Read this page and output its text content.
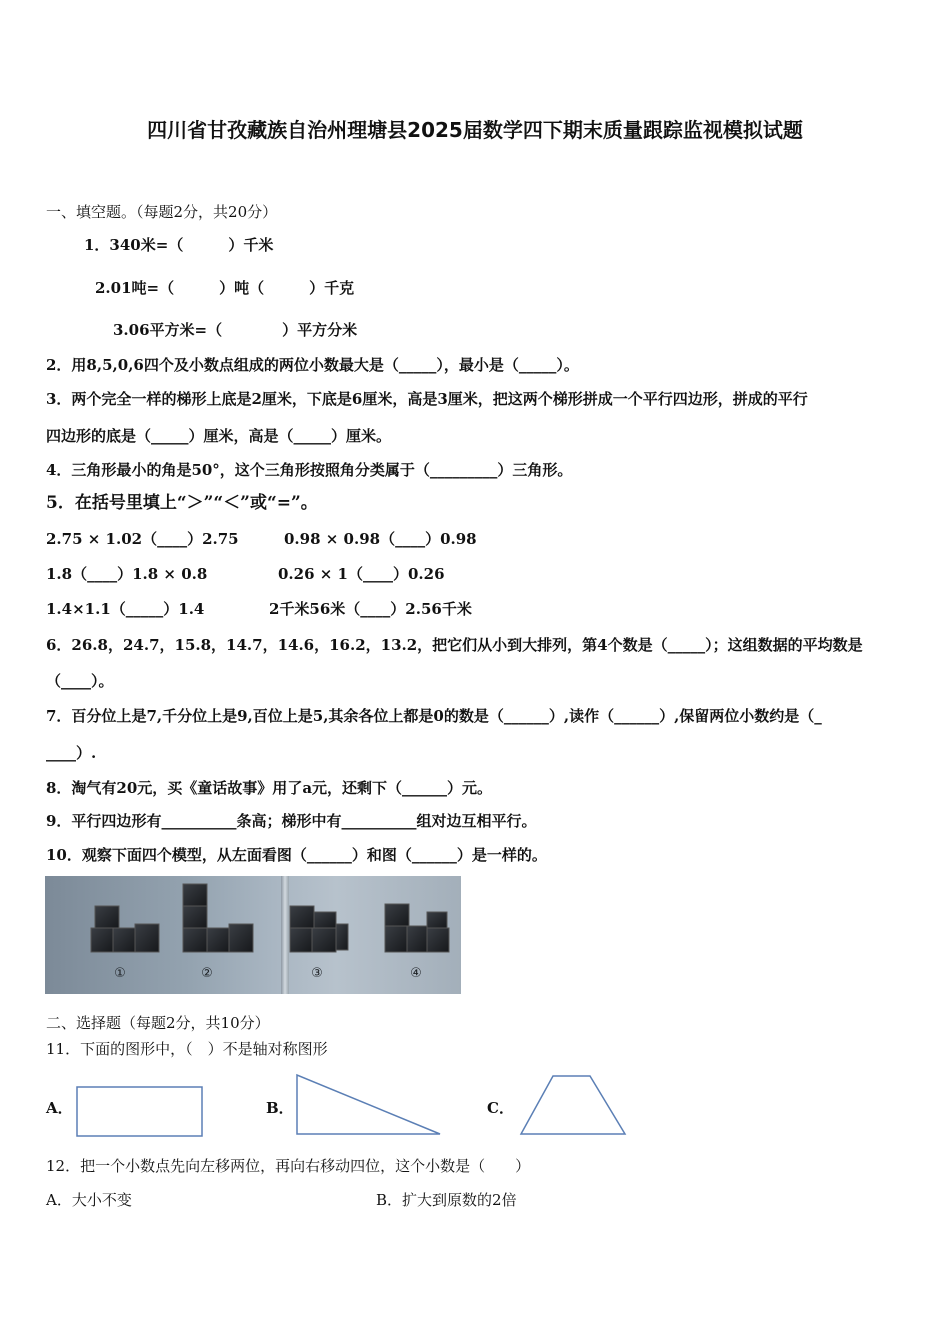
四川省甘孜藏族自治州理塘县2025届数学四下期末质量跟踪监视模拟试题
一、填空题。（每题2分，共20分）
1．340米=（　　　）千米
2.01吨=（　　　）吨（　　　）千克
3.06平方米=（　　　　）平方分米
2．用8,5,0,6四个及小数点组成的两位小数最大是（_____），最小是（_____）。
3．两个完全一样的梯形上底是2厘米，下底是6厘米，高是3厘米，把这两个梯形拼成一个平行四边形，拼成的平行
四边形的底是（_____）厘米，高是（_____）厘米。
4．三角形最小的角是50°，这个三角形按照角分类属于（_________）三角形。
5．在括号里填上“＞”“＜”或“=”。
2.75 × 1.02（____）2.75	0.98 × 0.98（____）0.98
1.8（____）1.8 × 0.8	0.26 × 1（____）0.26
1.4×1.1（_____）1.4	2千米56米（____）2.56千米
6．26.8，24.7，15.8，14.7，14.6，16.2，13.2，把它们从小到大排列，第4个数是（_____）；这组数据的平均数是
（____）。
7．百分位上是7,千分位上是9,百位上是5,其余各位上都是0的数是（______）,读作（______）,保留两位小数约是（_
____）.
8．淘气有20元，买《童话故事》用了a元，还剩下（______）元。
9．平行四边形有__________条高；梯形中有__________组对边互相平行。
10．观察下面四个模型，从左面看图（______）和图（______）是一样的。
①	②	③	④
二、选择题（每题2分，共10分）
11．下面的图形中，（　）不是轴对称图形
A．	B．	C．
12．把一个小数点先向左移两位，再向右移动四位，这个小数是（　　）
A．大小不变	B．扩大到原数的2倍
